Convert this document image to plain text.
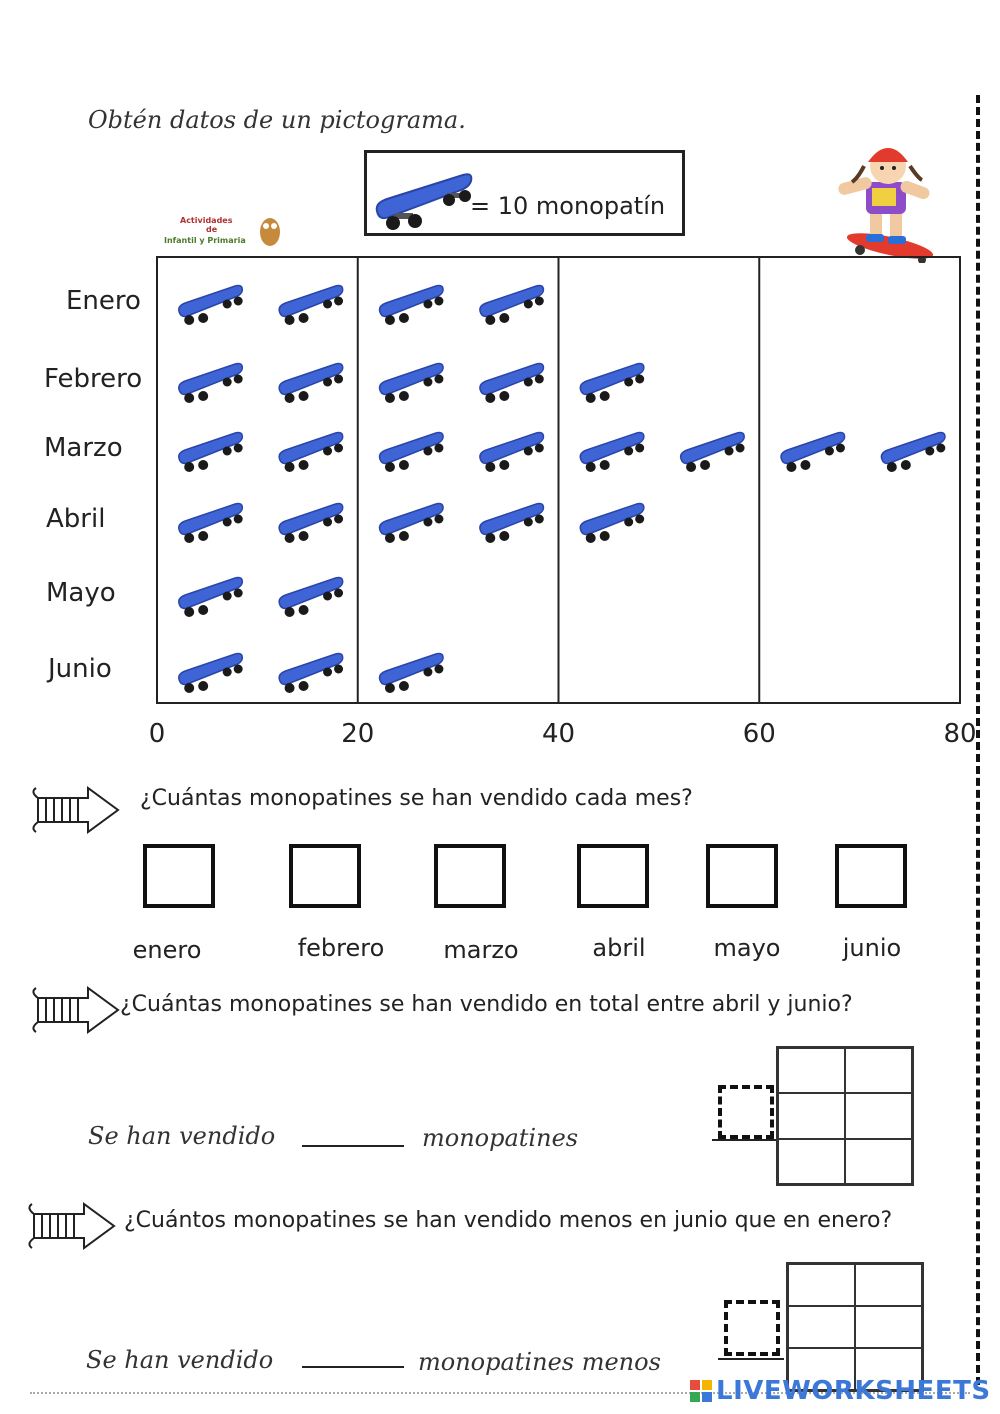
Obtén datos de un pictograma.
= 10 monopatín
Actividades
de
Infantil y Primaria
Enero
Febrero
Marzo
Abril
Mayo
Junio
0	20	40	60	80
¿Cuántas monopatines se han vendido cada mes?
enero	febrero	marzo	abril	mayo	junio
¿Cuántas monopatines se han vendido en total entre abril y junio?
Se han vendido	monopatines
¿Cuántos monopatines se han vendido menos en junio que en enero?
Se han vendido	monopatines menos
LIVEWORKSHEETS
